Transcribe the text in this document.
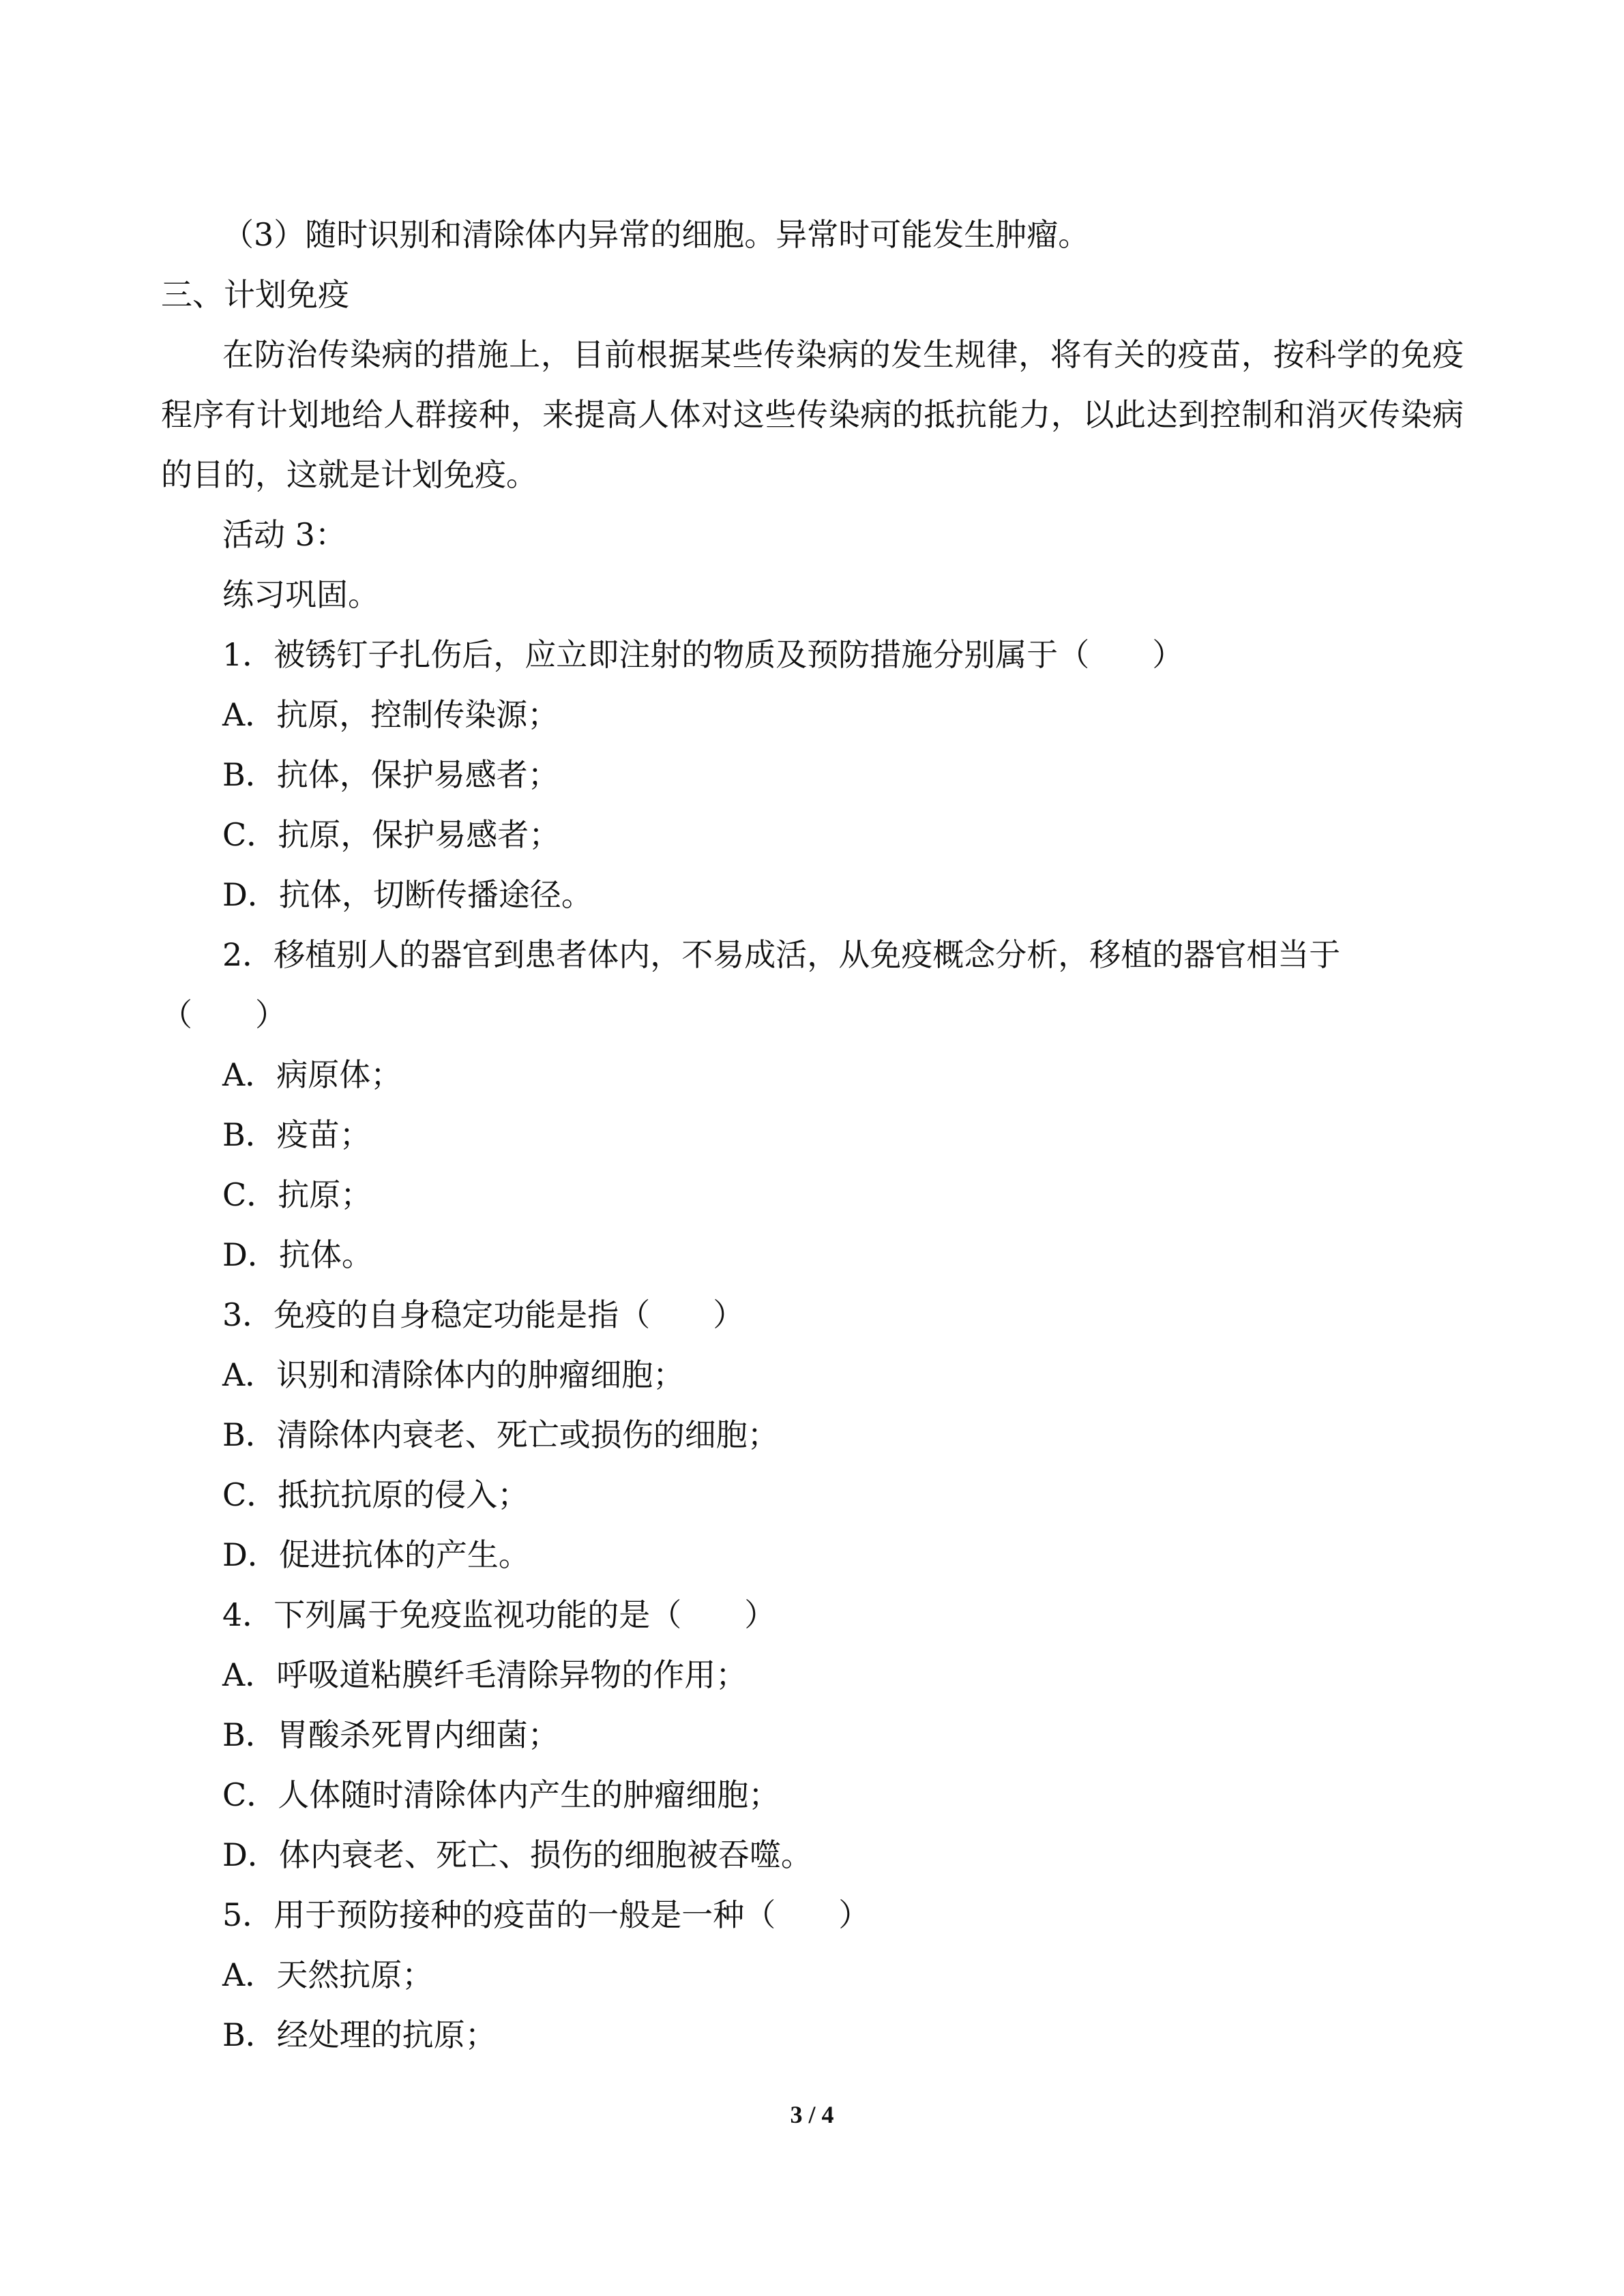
（3）随时识别和清除体内异常的细胞。异常时可能发生肿瘤。

三、计划免疫

在防治传染病的措施上，目前根据某些传染病的发生规律，将有关的疫苗，按科学的免疫程序有计划地给人群接种，来提高人体对这些传染病的抵抗能力，以此达到控制和消灭传染病的目的，这就是计划免疫。

活动 3：

练习巩固。

1．被锈钉子扎伤后，应立即注射的物质及预防措施分别属于（　　）

A．抗原，控制传染源；

B．抗体，保护易感者；

C．抗原，保护易感者；

D．抗体，切断传播途径。

2．移植别人的器官到患者体内，不易成活，从免疫概念分析，移植的器官相当于

（　　）

A．病原体；

B．疫苗；

C．抗原；

D．抗体。

3．免疫的自身稳定功能是指（　　）

A．识别和清除体内的肿瘤细胞；

B．清除体内衰老、死亡或损伤的细胞；

C．抵抗抗原的侵入；

D．促进抗体的产生。

4．下列属于免疫监视功能的是（　　）

A．呼吸道粘膜纤毛清除异物的作用；

B．胃酸杀死胃内细菌；

C．人体随时清除体内产生的肿瘤细胞；

D．体内衰老、死亡、损伤的细胞被吞噬。

5．用于预防接种的疫苗的一般是一种（　　）

A．天然抗原；

B．经处理的抗原；

3 / 4
